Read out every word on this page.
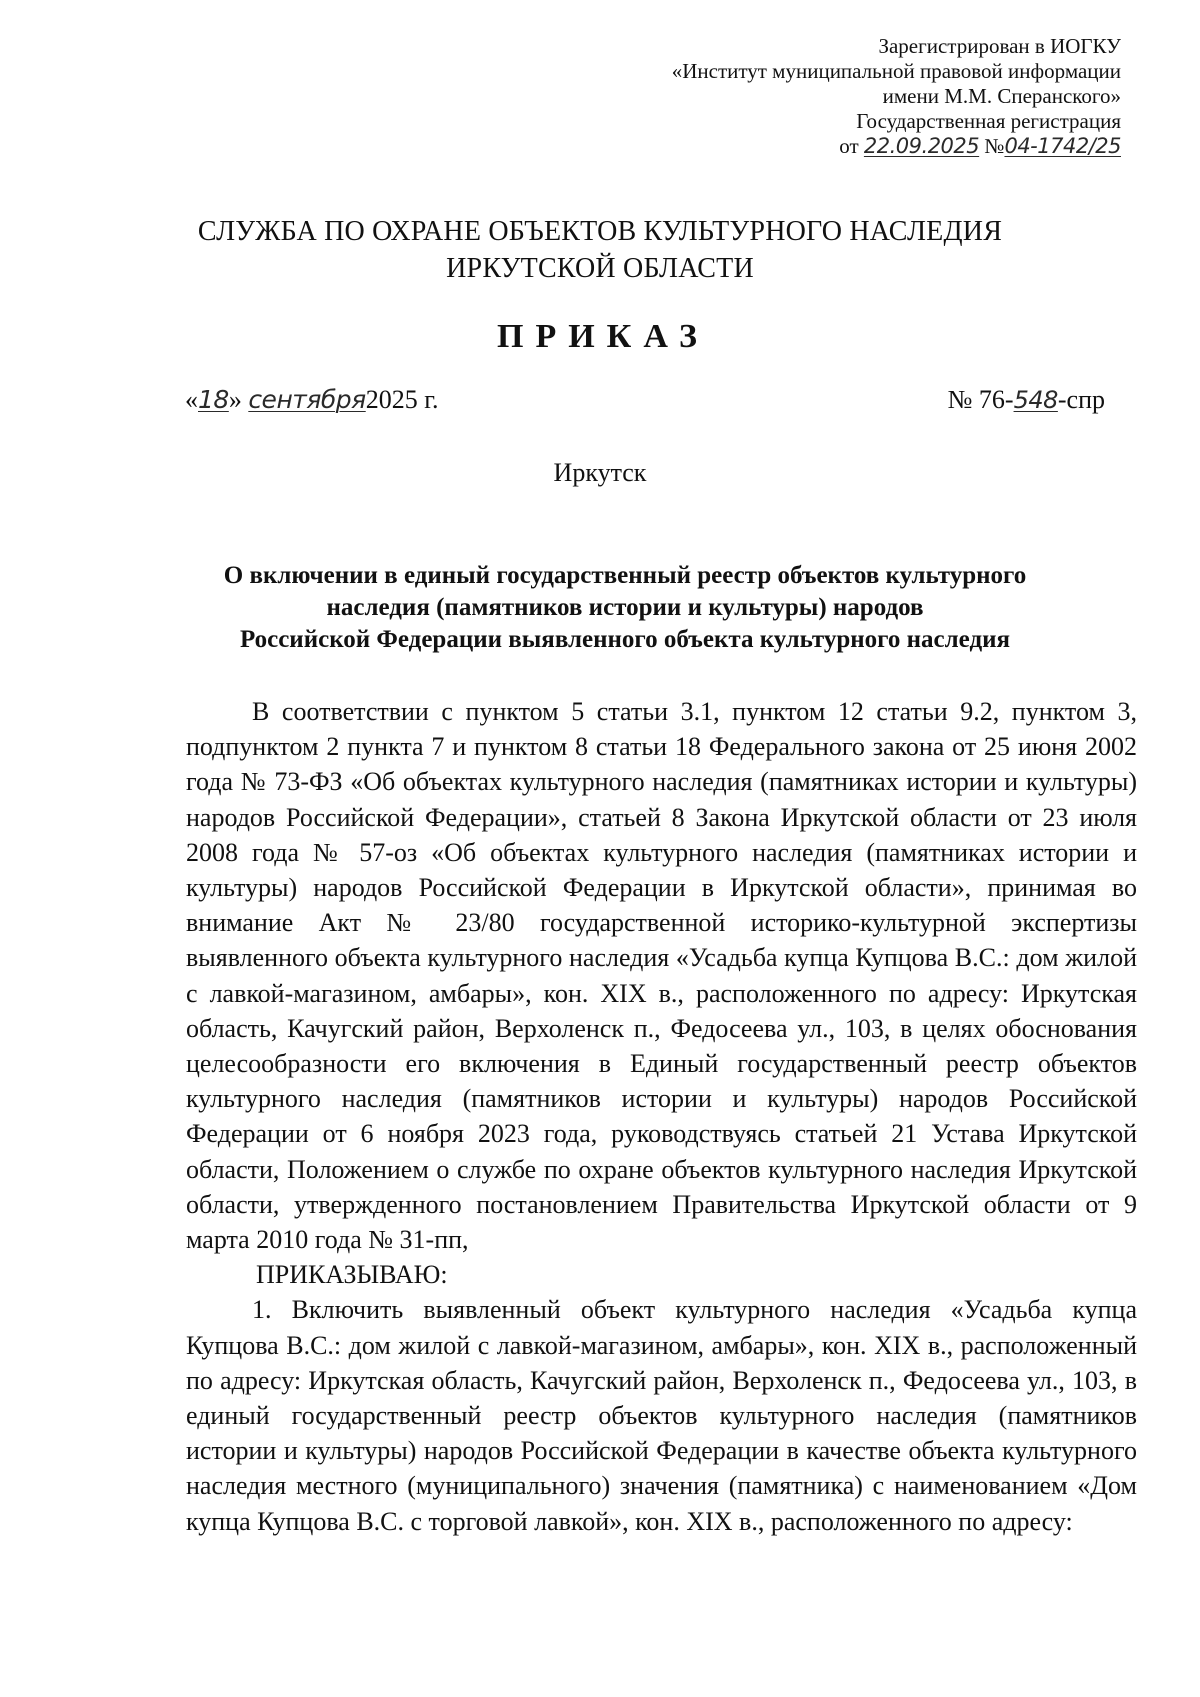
Зарегистрирован в ИОГКУ
«Институт муниципальной правовой информации
имени М.М. Сперанского»
Государственная регистрация
от 22.09.2025 №04-1742/25
СЛУЖБА ПО ОХРАНЕ ОБЪЕКТОВ КУЛЬТУРНОГО НАСЛЕДИЯ
ИРКУТСКОЙ ОБЛАСТИ
ПРИКАЗ
«18» сентября2025 г.	№ 76-548-спр
Иркутск
О включении в единый государственный реестр объектов культурного
наследия (памятников истории и культуры) народов
Российской Федерации выявленного объекта культурного наследия

В соответствии с пунктом 5 статьи 3.1, пунктом 12 статьи 9.2, пунктом 3, подпунктом 2 пункта 7 и пунктом 8 статьи 18 Федерального закона от 25 июня 2002 года № 73-ФЗ «Об объектах культурного наследия (памятниках истории и культуры) народов Российской Федерации», статьей 8 Закона Иркутской области от 23 июля 2008 года № 57-оз «Об объектах культурного наследия (памятниках истории и культуры) народов Российской Федерации в Иркутской области», принимая во внимание Акт № 23/80 государственной историко-культурной экспертизы выявленного объекта культурного наследия «Усадьба купца Купцова В.С.: дом жилой с лавкой-магазином, амбары», кон. XIX в., расположенного по адресу: Иркутская область, Качугский район, Верхоленск п., Федосеева ул., 103, в целях обоснования целесообразности его включения в Единый государственный реестр объектов культурного наследия (памятников истории и культуры) народов Российской Федерации от 6 ноября 2023 года, руководствуясь статьей 21 Устава Иркутской области, Положением о службе по охране объектов культурного наследия Иркутской области, утвержденного постановлением Правительства Иркутской области от 9 марта 2010 года № 31-пп,

ПРИКАЗЫВАЮ:

1. Включить выявленный объект культурного наследия «Усадьба купца Купцова В.С.: дом жилой с лавкой-магазином, амбары», кон. XIX в., расположенный по адресу: Иркутская область, Качугский район, Верхоленск п., Федосеева ул., 103, в единый государственный реестр объектов культурного наследия (памятников истории и культуры) народов Российской Федерации в качестве объекта культурного наследия местного (муниципального) значения (памятника) с наименованием «Дом купца Купцова В.С. с торговой лавкой», кон. XIX в., расположенного по адресу:
